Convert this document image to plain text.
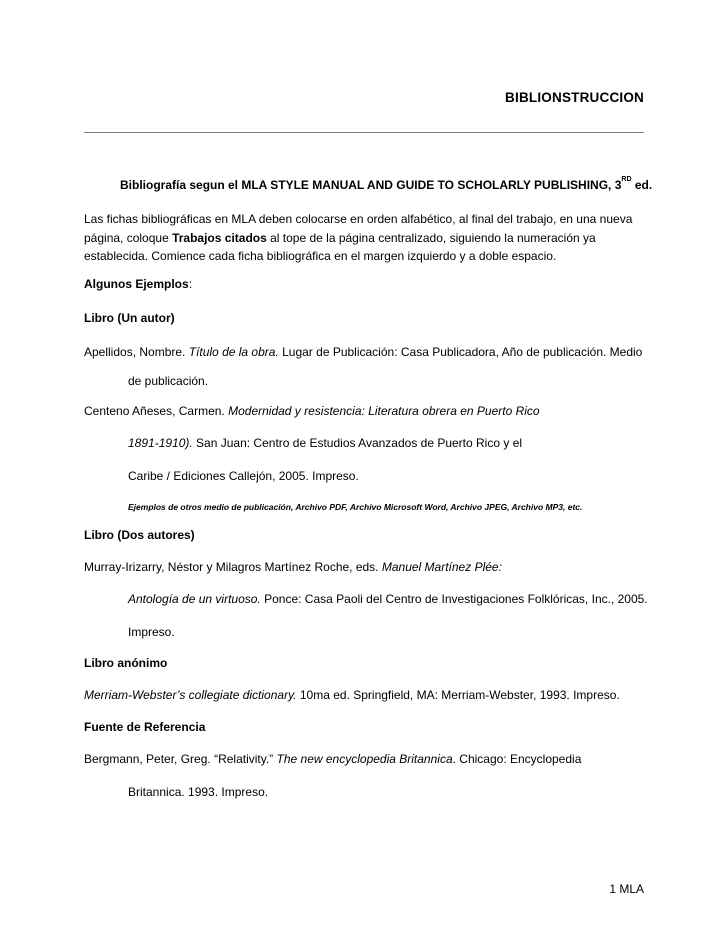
BIBLIONSTRUCCION
Bibliografía segun el MLA STYLE MANUAL AND GUIDE TO SCHOLARLY PUBLISHING, 3RD ed.
Las fichas bibliográficas en MLA deben colocarse en orden alfabético, al final del trabajo, en una nueva página, coloque Trabajos citados al tope de la página centralizado, siguiendo la numeración ya establecida. Comience cada ficha bibliográfica en el margen izquierdo y a doble espacio.
Algunos Ejemplos:
Libro (Un autor)
Apellidos, Nombre. Título de la obra. Lugar de Publicación: Casa Publicadora, Año de publicación. Medio
de publicación.
Centeno Añeses, Carmen. Modernidad y resistencia: Literatura obrera en Puerto Rico
1891-1910). San Juan: Centro de Estudios Avanzados de Puerto Rico y el
Caribe / Ediciones Callejón, 2005. Impreso.
Ejemplos de otros medio de publicación, Archivo PDF, Archivo Microsoft Word, Archivo JPEG, Archivo MP3, etc.
Libro (Dos autores)
Murray-Irizarry, Néstor y Milagros Martínez Roche, eds. Manuel Martínez Plée:
Antología de un virtuoso. Ponce: Casa Paoli del Centro de Investigaciones Folklóricas, Inc., 2005.
Impreso.
Libro anónimo
Merriam-Webster’s collegiate dictionary. 10ma ed. Springfield, MA: Merriam-Webster, 1993. Impreso.
Fuente de Referencia
Bergmann, Peter, Greg. “Relativity.” The new encyclopedia Britannica. Chicago: Encyclopedia
Britannica. 1993. Impreso.
1 MLA
